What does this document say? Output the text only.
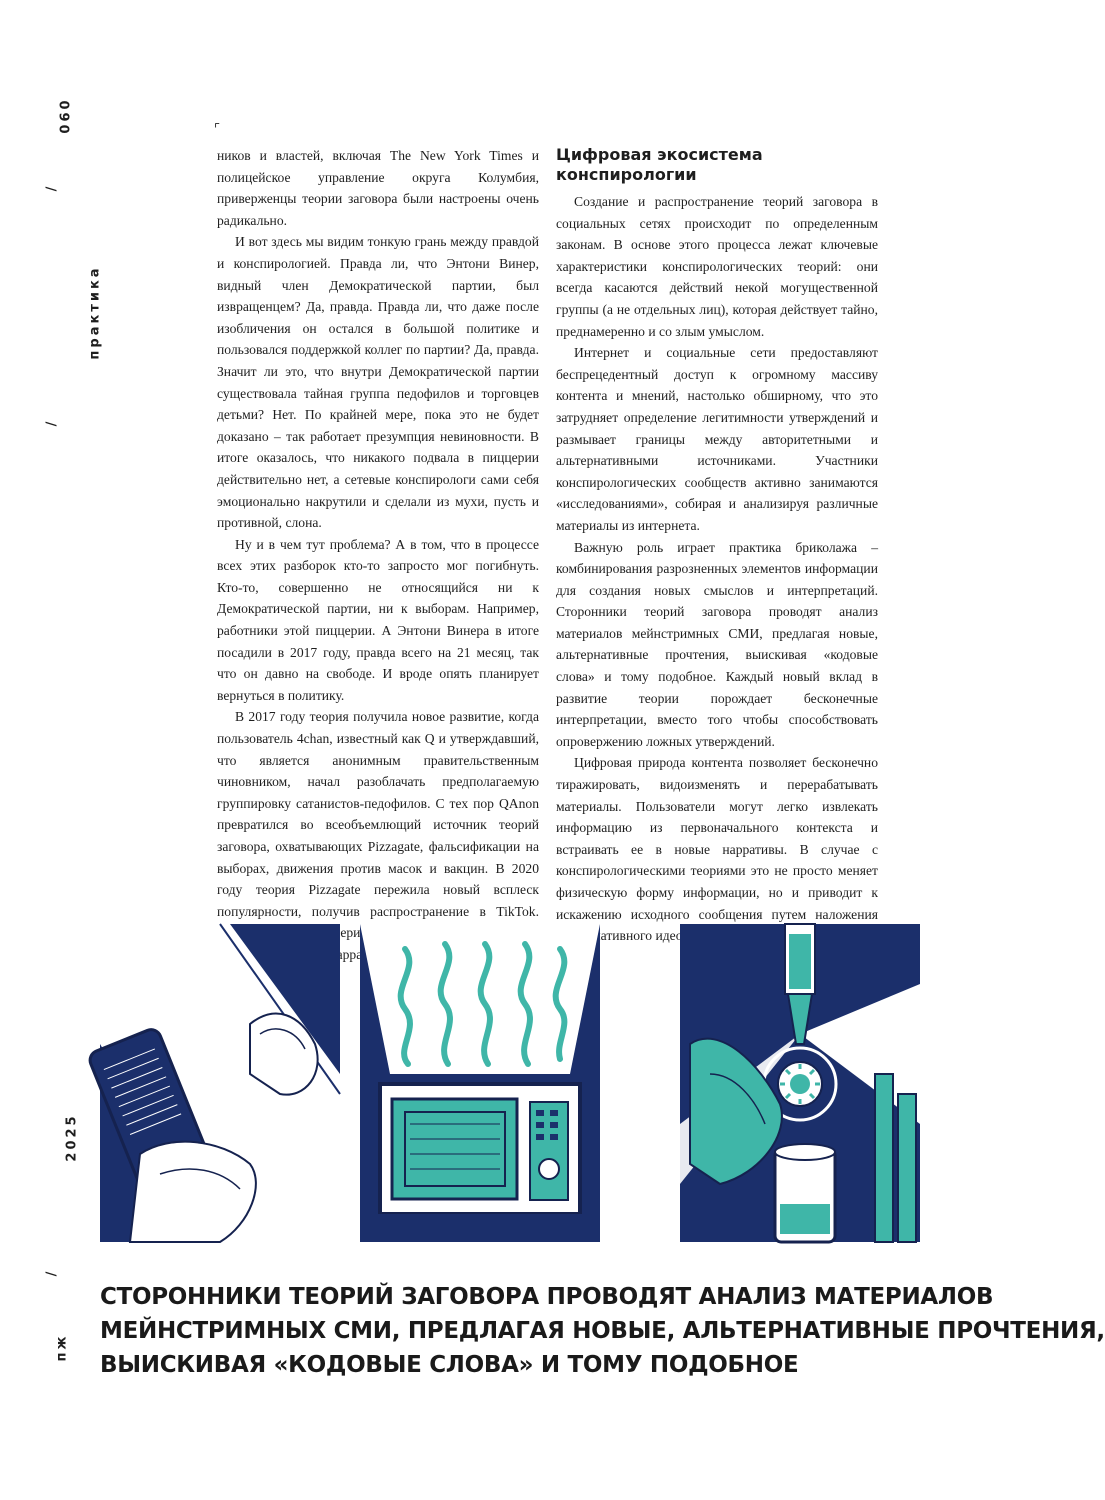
060
/
практика
/
2025
/
пж
⌜

ников и властей, включая The New York Times и полицейское управление округа Колумбия, приверженцы теории заговора были настроены очень радикально.

И вот здесь мы видим тонкую грань между правдой и конспирологией. Правда ли, что Энтони Винер, видный член Демократической партии, был извращенцем? Да, правда. Правда ли, что даже после изобличения он остался в большой политике и пользовался поддержкой коллег по партии? Да, правда. Значит ли это, что внутри Демократической партии существовала тайная группа педофилов и торговцев детьми? Нет. По крайней мере, пока это не будет доказано – так работает презумпция невиновности. В итоге оказалось, что никакого подвала в пиццерии действительно нет, а сетевые конспирологи сами себя эмоционально накрутили и сделали из мухи, пусть и противной, слона.

Ну и в чем тут проблема? А в том, что в процессе всех этих разборок кто-то запросто мог погибнуть. Кто-то, совершенно не относящийся ни к Демократической партии, ни к выборам. Например, работники этой пиццерии. А Энтони Винера в итоге посадили в 2017 году, правда всего на 21 месяц, так что он давно на свободе. И вроде опять планирует вернуться в политику.

В 2017 году теория получила новое развитие, когда пользователь 4chan, известный как Q и утверждавший, что является анонимным правительственным чиновником, начал разоблачать предполагаемую группировку сатанистов-педофилов. С тех пор QAnon превратился во всеобъемлющий источник теорий заговора, охватывающих Pizzagate, фальсификации на выборах, движения против масок и вакцин. В 2020 году теория Pizzagate пережила новый всплеск популярности, получив распространение в TikTok.

Цифровая экосистема конспирологии

Создание и распространение теорий заговора в социальных сетях происходит по определенным законам. В основе этого процесса лежат ключевые характеристики конспирологических теорий: они всегда касаются действий некой могущественной группы (а не отдельных лиц), которая действует тайно, преднамеренно и со злым умыслом.

Интернет и социальные сети предоставляют беспрецедентный доступ к огромному массиву контента и мнений, настолько обширному, что это затрудняет определение легитимности утверждений и размывает границы между авторитетными и альтернативными источниками. Участники конспирологических сообществ активно занимаются «исследованиями», собирая и анализируя различные материалы из интернета.

Важную роль играет практика бриколажа – комбинирования разрозненных элементов информации для создания новых смыслов и интерпретаций. Сторонники теорий заговора проводят анализ материалов мейнстримных СМИ, предлагая новые, альтернативные прочтения, выискивая «кодовые слова» и тому подобное. Каждый новый вклад в развитие теории порождает бесконечные интерпретации, вместо того чтобы способствовать опровержению ложных утверждений.

Цифровая природа контента позволяет бесконечно тиражировать, видоизменять и перерабатывать материалы. Пользователи могут легко извлекать информацию из первоначального контекста и встраивать ее в новые нарративы. В случае с конспирологическими теориями это не просто меняет физическую форму информации, но и приводит к искажению исходного сообщения путем наложения альтернативного

СТОРОННИКИ ТЕОРИЙ ЗАГОВОРА ПРОВОДЯТ АНАЛИЗ МАТЕРИАЛОВ
МЕЙНСТРИМНЫХ СМИ, ПРЕДЛАГАЯ НОВЫЕ, АЛЬТЕРНАТИВНЫЕ ПРОЧТЕНИЯ,
ВЫИСКИВАЯ «КОДОВЫЕ СЛОВА» И ТОМУ ПОДОБНОЕ
